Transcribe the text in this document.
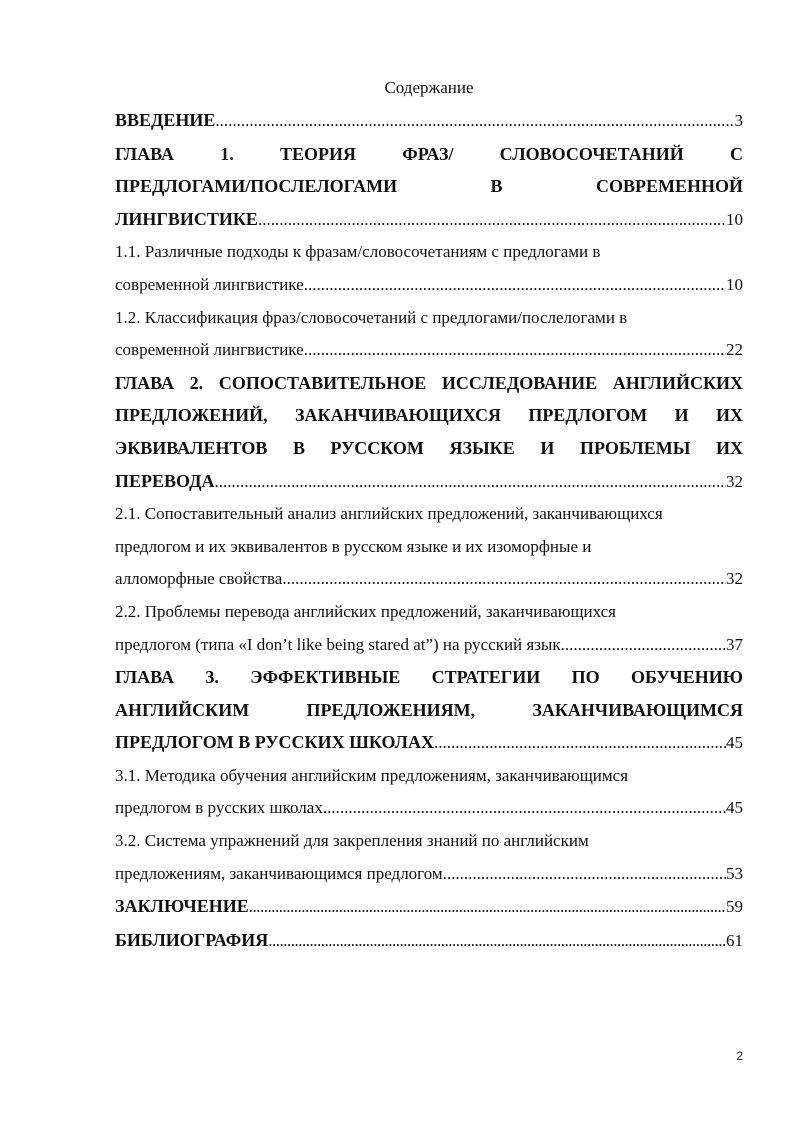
Содержание
ВВЕДЕНИЕ .....	3
ГЛАВА 1. ТЕОРИЯ ФРАЗ/ СЛОВОСОЧЕТАНИЙ С
ПРЕДЛОГАМИ/ПОСЛЕЛОГАМИ В СОВРЕМЕННОЙ
ЛИНГВИСТИКЕ .....	10
1.1. Различные подходы к фразам/словосочетаниям с предлогами в
современной лингвистике .....	10
1.2. Классификация фраз/словосочетаний с предлогами/послелогами в
современной лингвистике .....	22
ГЛАВА 2. СОПОСТАВИТЕЛЬНОЕ ИССЛЕДОВАНИЕ АНГЛИЙСКИХ
ПРЕДЛОЖЕНИЙ, ЗАКАНЧИВАЮЩИХСЯ ПРЕДЛОГОМ И ИХ
ЭКВИВАЛЕНТОВ В РУССКОМ ЯЗЫКЕ И ПРОБЛЕМЫ ИХ
ПЕРЕВОДА .....	32
2.1. Сопоставительный анализ английских предложений, заканчивающихся
предлогом и их эквивалентов в русском языке и их изоморфные и
алломорфные свойства .....	32
2.2. Проблемы перевода английских предложений, заканчивающихся
предлогом (типа «I don’t like being stared at”) на русский язык .....	37
ГЛАВА 3. ЭФФЕКТИВНЫЕ СТРАТЕГИИ ПО ОБУЧЕНИЮ
АНГЛИЙСКИМ ПРЕДЛОЖЕНИЯМ, ЗАКАНЧИВАЮЩИМСЯ
ПРЕДЛОГОМ В РУССКИХ ШКОЛАХ .....	45
3.1. Методика обучения английским предложениям, заканчивающимся
предлогом в русских школах .....	45
3.2. Система упражнений для закрепления знаний по английским
предложениям, заканчивающимся предлогом .....	53
ЗАКЛЮЧЕНИЕ .....	59
БИБЛИОГРАФИЯ .....	61
2
